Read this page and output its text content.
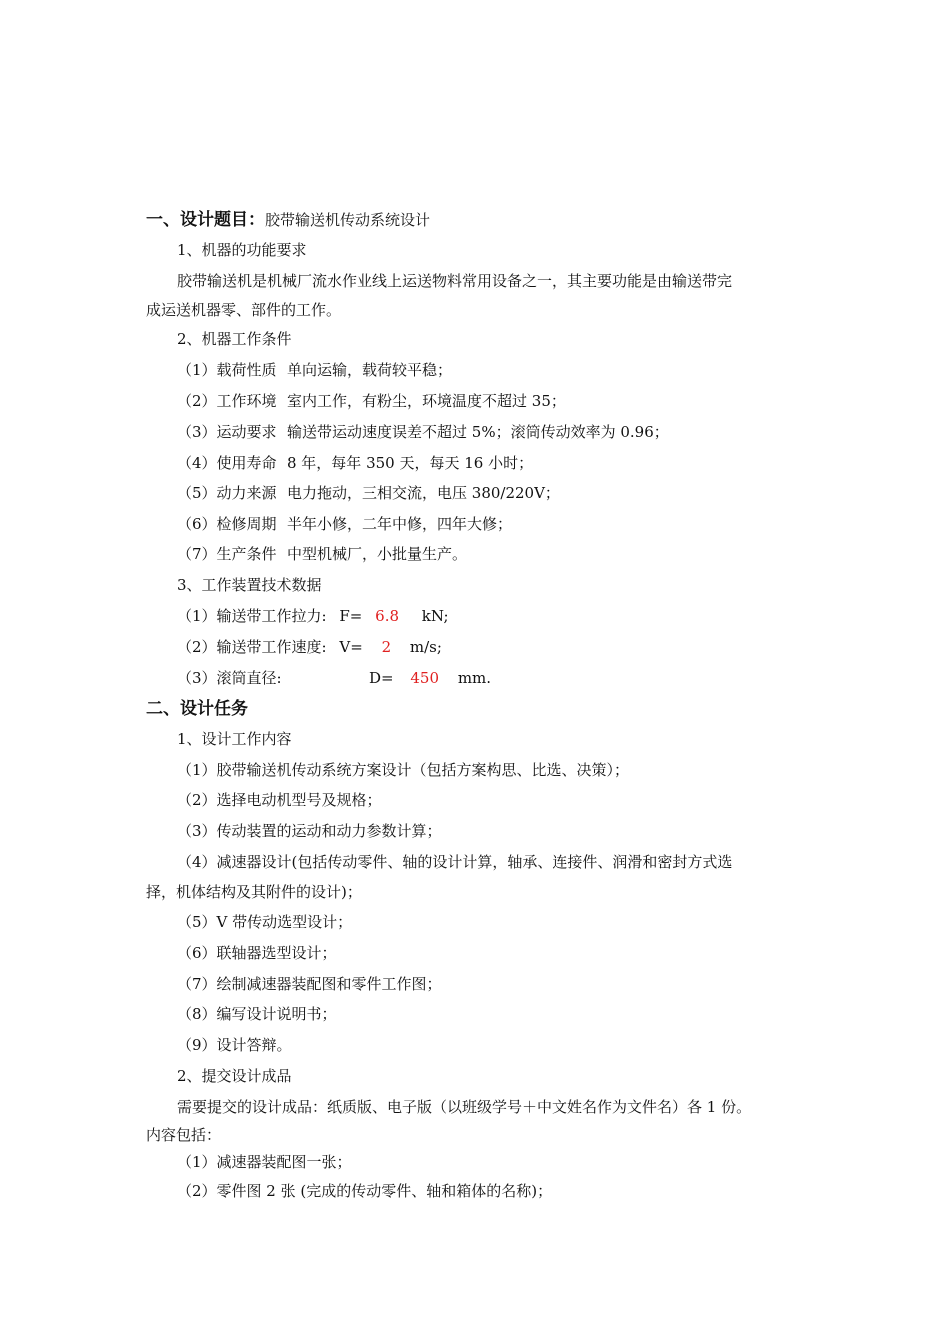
一、设计题目：胶带输送机传动系统设计
1、机器的功能要求
胶带输送机是机械厂流水作业线上运送物料常用设备之一，其主要功能是由输送带完
成运送机器零、部件的工作。
2、机器工作条件
（1）载荷性质 单向运输，载荷较平稳；
（2）工作环境 室内工作，有粉尘，环境温度不超过 35；
（3）运动要求 输送带运动速度误差不超过 5%；滚筒传动效率为 0.96；
（4）使用寿命 8 年，每年 350 天，每天 16 小时；
（5）动力来源 电力拖动，三相交流，电压 380/220V；
（6）检修周期 半年小修，二年中修，四年大修；
（7）生产条件 中型机械厂，小批量生产。
3、工作装置技术数据
（1）输送带工作拉力: F= 6.8 kN;
（2）输送带工作速度: V= 2 m/s;
（3）滚筒直径:	D= 450 mm.
二、设计任务
1、设计工作内容
（1）胶带输送机传动系统方案设计（包括方案构思、比选、决策）；
（2）选择电动机型号及规格；
（3）传动装置的运动和动力参数计算；
（4）减速器设计(包括传动零件、轴的设计计算，轴承、连接件、润滑和密封方式选
择，机体结构及其附件的设计)；
（5）V 带传动选型设计；
（6）联轴器选型设计；
（7）绘制减速器装配图和零件工作图；
（8）编写设计说明书；
（9）设计答辩。
2、提交设计成品
需要提交的设计成品：纸质版、电子版（以班级学号＋中文姓名作为文件名）各 1 份。
内容包括：
（1）减速器装配图一张；
（2）零件图 2 张 (完成的传动零件、轴和箱体的名称)；
